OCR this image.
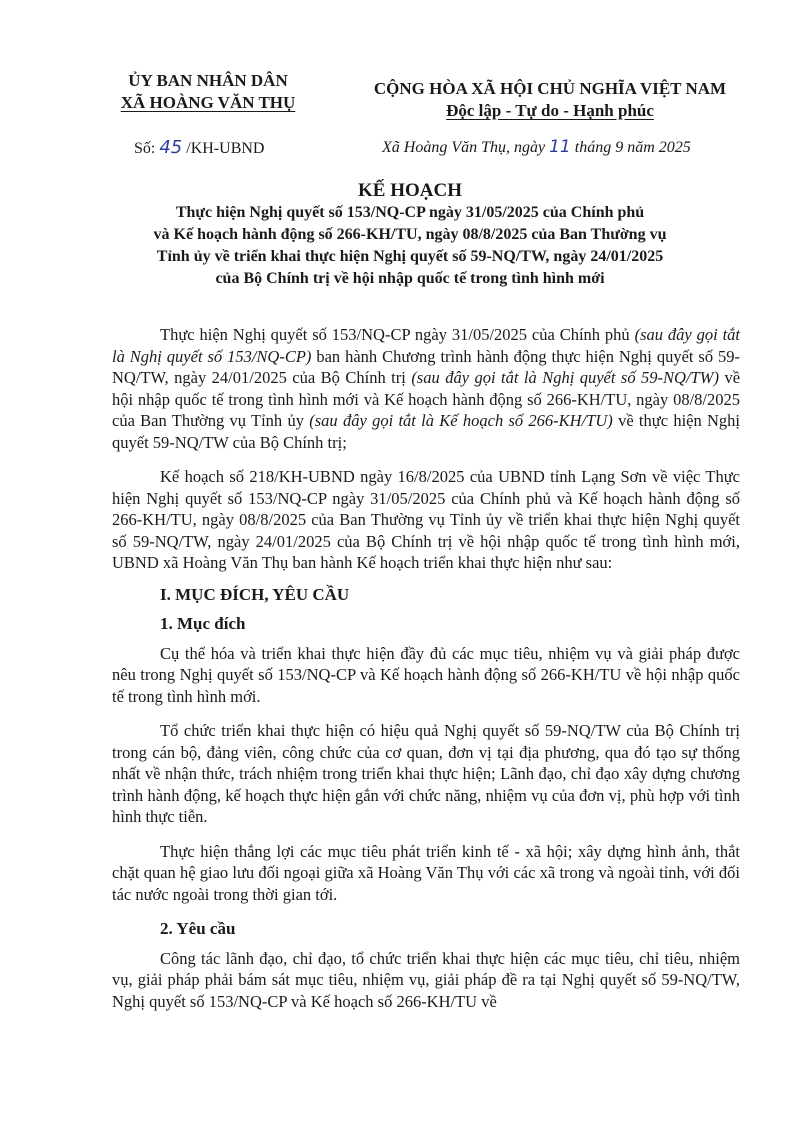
ỦY BAN NHÂN DÂN
XÃ HOÀNG VĂN THỤ
CỘNG HÒA XÃ HỘI CHỦ NGHĨA VIỆT NAM
Độc lập - Tự do - Hạnh phúc
Số: 45 /KH-UBND	Xã Hoàng Văn Thụ, ngày 11 tháng 9 năm 2025
KẾ HOẠCH
Thực hiện Nghị quyết số 153/NQ-CP ngày 31/05/2025 của Chính phủ
và Kế hoạch hành động số 266-KH/TU, ngày 08/8/2025 của Ban Thường vụ
Tỉnh ủy về triển khai thực hiện Nghị quyết số 59-NQ/TW, ngày 24/01/2025
của Bộ Chính trị về hội nhập quốc tế trong tình hình mới

Thực hiện Nghị quyết số 153/NQ-CP ngày 31/05/2025 của Chính phủ (sau đây gọi tắt là Nghị quyết số 153/NQ-CP) ban hành Chương trình hành động thực hiện Nghị quyết số 59-NQ/TW, ngày 24/01/2025 của Bộ Chính trị (sau đây gọi tắt là Nghị quyết số 59-NQ/TW) về hội nhập quốc tế trong tình hình mới và Kế hoạch hành động số 266-KH/TU, ngày 08/8/2025 của Ban Thường vụ Tỉnh ủy (sau đây gọi tắt là Kế hoạch số 266-KH/TU) về thực hiện Nghị quyết 59-NQ/TW của Bộ Chính trị;

Kế hoạch số 218/KH-UBND ngày 16/8/2025 của UBND tỉnh Lạng Sơn về việc Thực hiện Nghị quyết số 153/NQ-CP ngày 31/05/2025 của Chính phủ và Kế hoạch hành động số 266-KH/TU, ngày 08/8/2025 của Ban Thường vụ Tỉnh ủy về triển khai thực hiện Nghị quyết số 59-NQ/TW, ngày 24/01/2025 của Bộ Chính trị về hội nhập quốc tế trong tình hình mới, UBND xã Hoàng Văn Thụ ban hành Kế hoạch triển khai thực hiện như sau:

I. MỤC ĐÍCH, YÊU CẦU
1. Mục đích

Cụ thể hóa và triển khai thực hiện đầy đủ các mục tiêu, nhiệm vụ và giải pháp được nêu trong Nghị quyết số 153/NQ-CP và Kế hoạch hành động số 266-KH/TU về hội nhập quốc tế trong tình hình mới.

Tổ chức triển khai thực hiện có hiệu quả Nghị quyết số 59-NQ/TW của Bộ Chính trị trong cán bộ, đảng viên, công chức của cơ quan, đơn vị tại địa phương, qua đó tạo sự thống nhất về nhận thức, trách nhiệm trong triển khai thực hiện; Lãnh đạo, chỉ đạo xây dựng chương trình hành động, kế hoạch thực hiện gắn với chức năng, nhiệm vụ của đơn vị, phù hợp với tình hình thực tiễn.

Thực hiện thắng lợi các mục tiêu phát triển kinh tế - xã hội; xây dựng hình ảnh, thắt chặt quan hệ giao lưu đối ngoại giữa xã Hoàng Văn Thụ với các xã trong và ngoài tỉnh, với đối tác nước ngoài trong thời gian tới.

2. Yêu cầu

Công tác lãnh đạo, chỉ đạo, tổ chức triển khai thực hiện các mục tiêu, chỉ tiêu, nhiệm vụ, giải pháp phải bám sát mục tiêu, nhiệm vụ, giải pháp đề ra tại Nghị quyết số 59-NQ/TW, Nghị quyết số 153/NQ-CP và Kế hoạch số 266-KH/TU về
